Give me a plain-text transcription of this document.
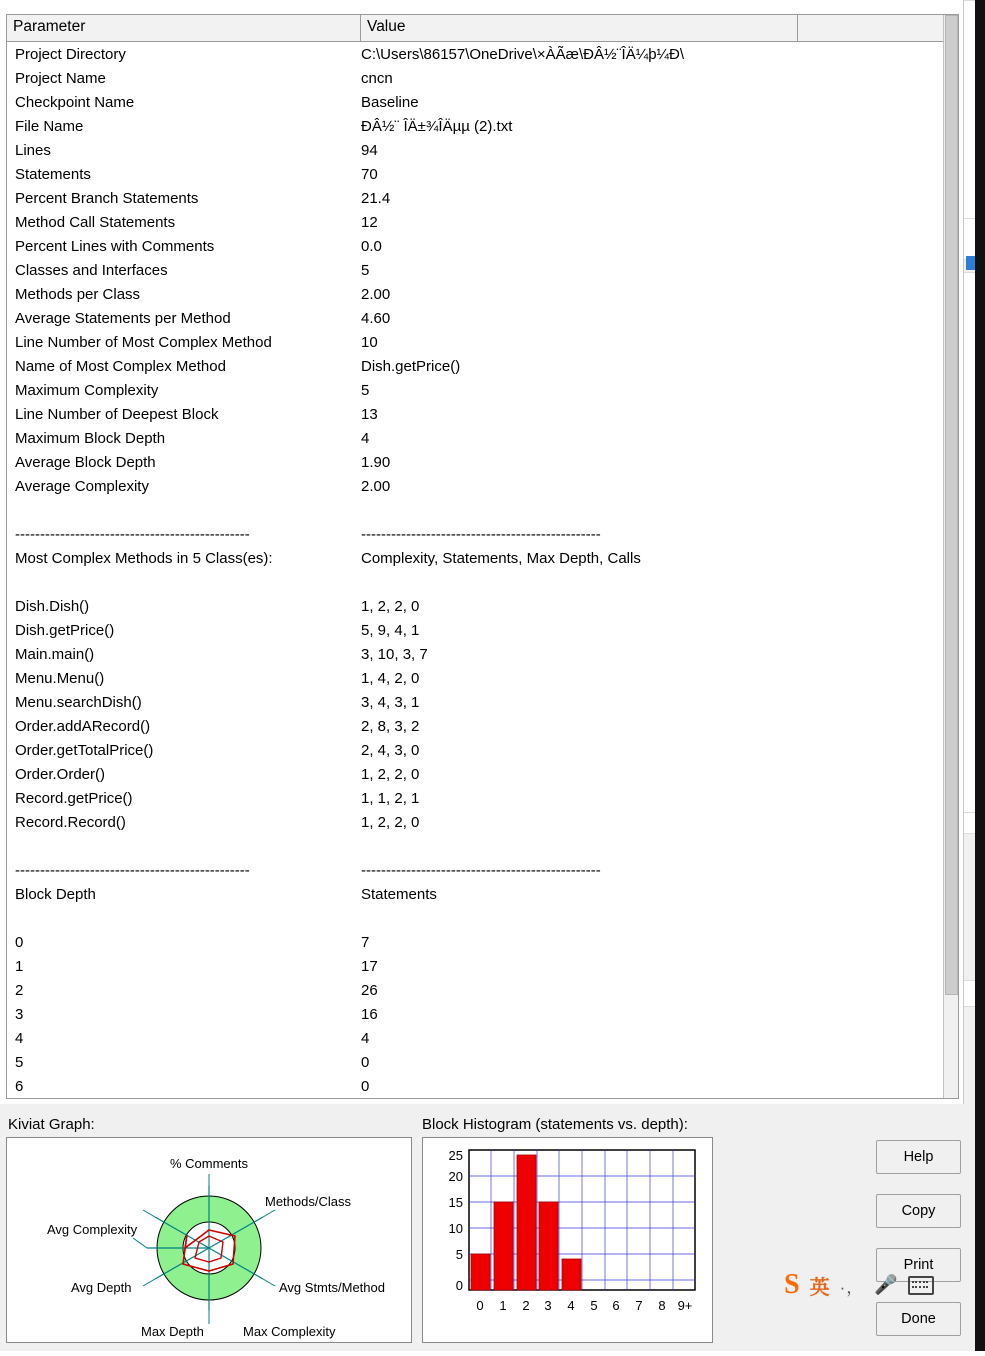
Parameter	Value
Project Directory	C:\Users\86157\OneDrive\×ÀÃæ\ÐÂ½¨ÎÄ¼þ¼Ð\
Project Name	cncn
Checkpoint Name	Baseline
File Name	ÐÂ½¨ ÎÄ±¾ÎÄµµ (2).txt
Lines	94
Statements	70
Percent Branch Statements	21.4
Method Call Statements	12
Percent Lines with Comments	0.0
Classes and Interfaces	5
Methods per Class	2.00
Average Statements per Method	4.60
Line Number of Most Complex Method	10
Name of Most Complex Method	Dish.getPrice()
Maximum Complexity	5
Line Number of Deepest Block	13
Maximum Block Depth	4
Average Block Depth	1.90
Average Complexity	2.00
-----------------------------------------------	------------------------------------------------
Most Complex Methods in 5 Class(es):	Complexity, Statements, Max Depth, Calls
Dish.Dish()	1, 2, 2, 0
Dish.getPrice()	5, 9, 4, 1
Main.main()	3, 10, 3, 7
Menu.Menu()	1, 4, 2, 0
Menu.searchDish()	3, 4, 3, 1
Order.addARecord()	2, 8, 3, 2
Order.getTotalPrice()	2, 4, 3, 0
Order.Order()	1, 2, 2, 0
Record.getPrice()	1, 1, 2, 1
Record.Record()	1, 2, 2, 0
-----------------------------------------------	------------------------------------------------
Block Depth	Statements
0	7
1	17
2	26
3	16
4	4
5	0
6	0
Kiviat Graph:	Block Histogram (statements vs. depth):
% Comments
Methods/Class
Avg Stmts/Method
Max Complexity
Max Depth
Avg Depth
Avg Complexity
25
20
15
10
5
0
0 1 2 3 4 5 6 7 8 9+
Help
Copy
Print
Done
S 英 ·， 🎤
